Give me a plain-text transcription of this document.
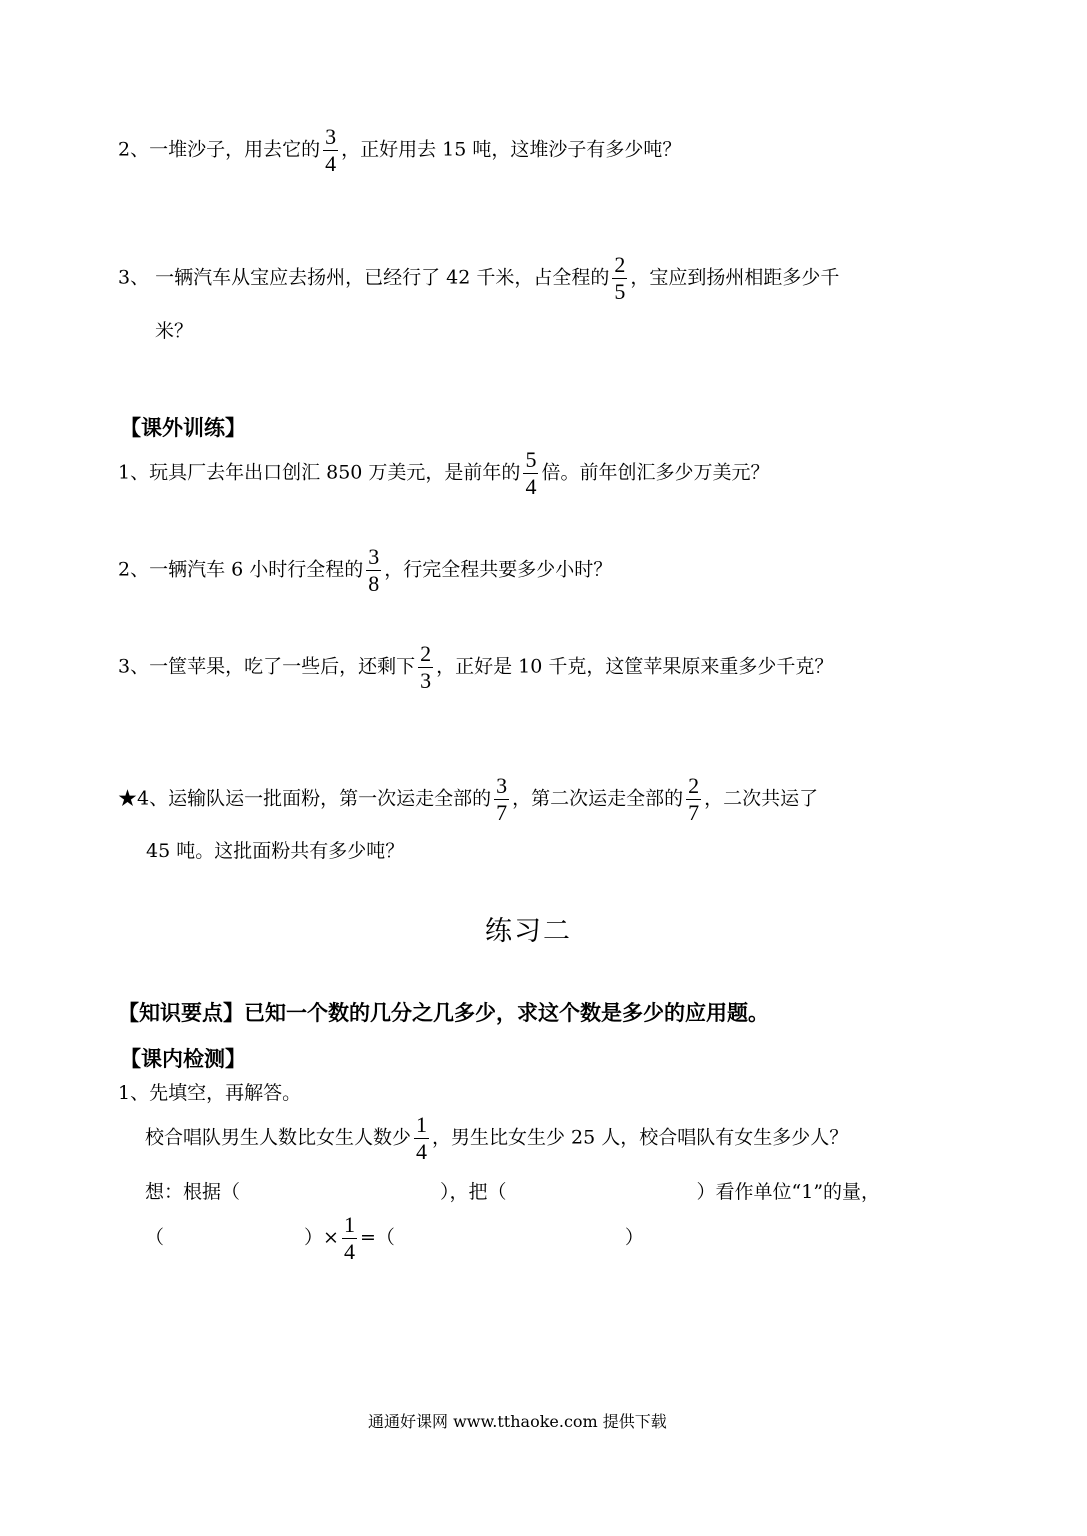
2、一堆沙子，用去它的 $\frac{3}{4}$ ，正好用去 15 吨，这堆沙子有多少吨？
3、 一辆汽车从宝应去扬州，已经行了 42 千米，占全程的 $\frac{2}{5}$ ，宝应到扬州相距多少千
米？
【课外训练】
1、玩具厂去年出口创汇 850 万美元，是前年的 $\frac{5}{4}$ 倍。前年创汇多少万美元？
2、一辆汽车 6 小时行全程的 $\frac{3}{8}$ ，行完全程共要多少小时？
3、一筐苹果，吃了一些后，还剩下 $\frac{2}{3}$ ，正好是 10 千克，这筐苹果原来重多少千克？
★4、运输队运一批面粉，第一次运走全部的 $\frac{3}{7}$ ，第二次运走全部的 $\frac{2}{7}$ ，二次共运了
45 吨。这批面粉共有多少吨？
练习二
【知识要点】已知一个数的几分之几多少，求这个数是多少的应用题。
【课内检测】
1、先填空，再解答。
校合唱队男生人数比女生人数少 $\frac{1}{4}$ ，男生比女生少 25 人，校合唱队有女生多少人？
想：根据（	），把（	）看作单位“1”的量，
（	）× $\frac{1}{4}$ =（	）
通通好课网 www.tthaoke.com 提供下载
